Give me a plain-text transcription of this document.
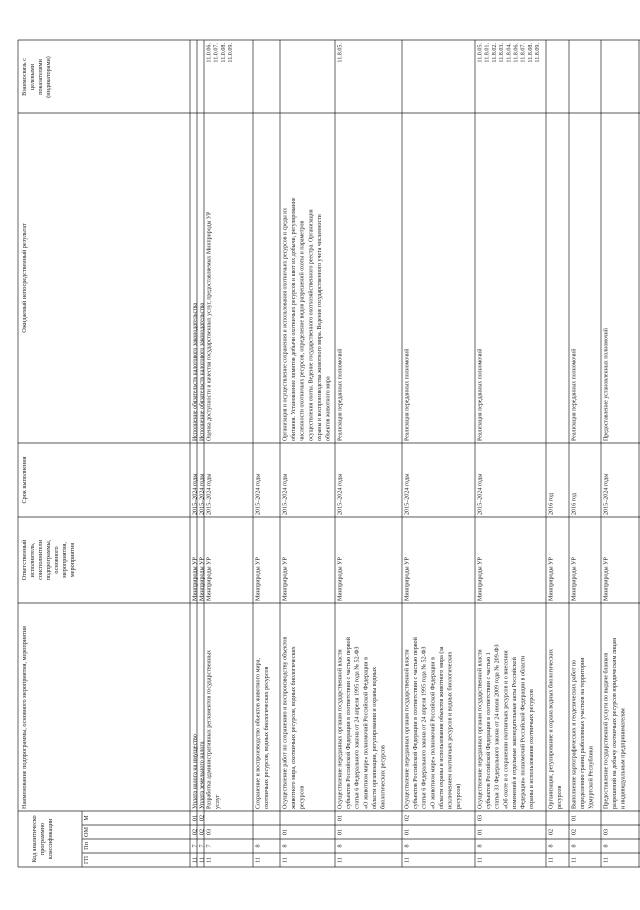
Код аналитическо программно классификации
ГП
Пп
ОМ
М
Наименование подпрограммы, основного мероприятия, мероприятия
Ответственный исполнитель, соисполнители подпрограммы, основного мероприятия, мероприятия
Срок выполнения
Ожидаемый непосредственный результат
Взаимосвязь с целевыми показателями (индикаторами)
11
7
02
01
Уплата налога на имущество
Минприроды УР
2015–2024 годы
Исполнение обязательств налогового законодательства
11
7
02
02
Уплата земельного налога
Минприроды УР
2015–2024 годы
Исполнение обязательств налогового законодательства
11
7
03
Разработка административных регламентов государственных услуг
Минприроды УР
2015–2024 годы
Оценка доступности и качества государственных услуг, предоставляемых Минприроды УР
11.0.06. 11.0.07. 11.0.08. 11.0.09.
11
8
Сохранение и воспроизводство объектов животного мира, охотничьих ресурсов, водных биологических ресурсов
Минприроды УР
2015–2024 годы
11
8
01
Осуществление работ по сохранению и воспроизводству объектов животного мира, охотничьих ресурсов, водных биологических ресурсов
Минприроды УР
2015–2024 годы
Организация и осуществление сохранения и использования охотничьих ресурсов и среды их обитания. Установление лимитов добычи охотничьих ресурсов и квот их добычи, регулирование численности охотничьих ресурсов, определение видов разрешений охоты и параметров осуществления охоты. Ведение государственного охотхозяйственного реестра. Организация охраны и воспроизводства животного мира. Ведение государственного учета численности объектов животного мира
11
8
01
01
Осуществление переданных органам государственной власти субъектов Российской Федерации в соответствии с частью первой статьи 6 Федерального закона от 24 апреля 1995 года № 52-ФЗ «О животном мире» полномочий Российской Федерации в области организации, регулирования и охраны водных биологических ресурсов
Минприроды УР
2015–2024 годы
Реализация переданных полномочий
11.8.05.
11
8
01
02
Осуществление переданных органам государственной власти субъектов Российской Федерации в соответствии с частью первой статьи 6 Федерального закона от 24 апреля 1995 года № 52-ФЗ «О животном мире» полномочий Российской Федерации в области охраны и использования объектов животного мира (за исключением охотничьих ресурсов и водных биологических ресурсов)
Минприроды УР
2015–2024 годы
Реализация переданных полномочий
11
8
01
03
Осуществление переданных органам государственной власти субъектов Российской Федерации в соответствии с частью 1 статьи 33 Федерального закона от 24 июля 2009 года № 209-ФЗ «Об охоте и о сохранении охотничьих ресурсов и о внесении изменений в отдельные законодательные акты Российской Федерации» полномочий Российской Федерации в области охраны и использования охотничьих ресурсов
Минприроды УР
2015–2024 годы
Реализация переданных полномочий
11.0.05. 11.8.01. 11.8.02. 11.8.03. 11.8.04. 11.8.06. 11.8.07. 11.8.08. 11.8.09.
11
8
02
Организация, регулирование и охрана водных биологических ресурсов
Минприроды УР
2016 год
11
8
02
01
Выполнение картографических и геодезических работ по определению границ рыболовных участков на территории Удмуртской Республики
Минприроды УР
2016 год
Реализация переданных полномочий
11
8
03
Предоставление государственной услуги по выдаче бланков разрешений на добычу охотничьих ресурсов юридическим лицам и индивидуальным предпринимателям
Минприроды УР
2015–2024 годы
Предоставление установленных полномочий
